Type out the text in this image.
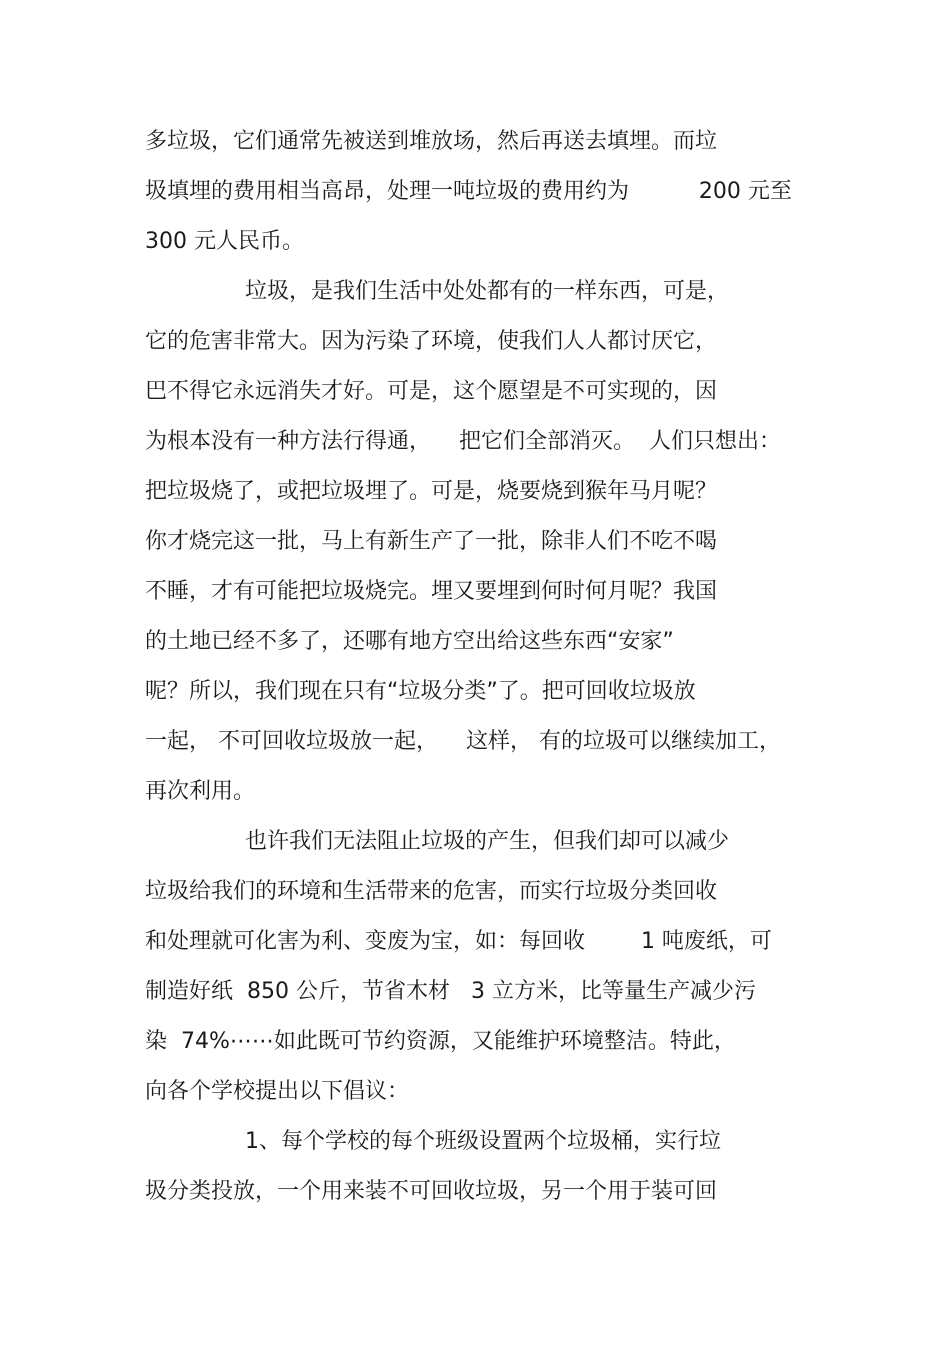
多垃圾，它们通常先被送到堆放场，然后再送去填埋。而垃
圾填埋的费用相当高昂，处理一吨垃圾的费用约为          200 元至
300 元人民币。
垃圾，是我们生活中处处都有的一样东西，可是，
它的危害非常大。因为污染了环境，使我们人人都讨厌它，
巴不得它永远消失才好。可是，这个愿望是不可实现的，因
为根本没有一种方法行得通，    把它们全部消灭。  人们只想出：
把垃圾烧了，或把垃圾埋了。可是，烧要烧到猴年马月呢？
你才烧完这一批，马上有新生产了一批，除非人们不吃不喝
不睡，才有可能把垃圾烧完。埋又要埋到何时何月呢？我国
的土地已经不多了，还哪有地方空出给这些东西“安家”
呢？所以，我们现在只有“垃圾分类”了。把可回收垃圾放
一起， 不可回收垃圾放一起，    这样， 有的垃圾可以继续加工，
再次利用。
也许我们无法阻止垃圾的产生，但我们却可以减少
垃圾给我们的环境和生活带来的危害，而实行垃圾分类回收
和处理就可化害为利、变废为宝，如：每回收        1 吨废纸，可
制造好纸  850 公斤，节省木材   3 立方米，比等量生产减少污
染  74%⋯⋯如此既可节约资源，又能维护环境整洁。特此，
向各个学校提出以下倡议：
1、每个学校的每个班级设置两个垃圾桶，实行垃
圾分类投放，一个用来装不可回收垃圾，另一个用于装可回
